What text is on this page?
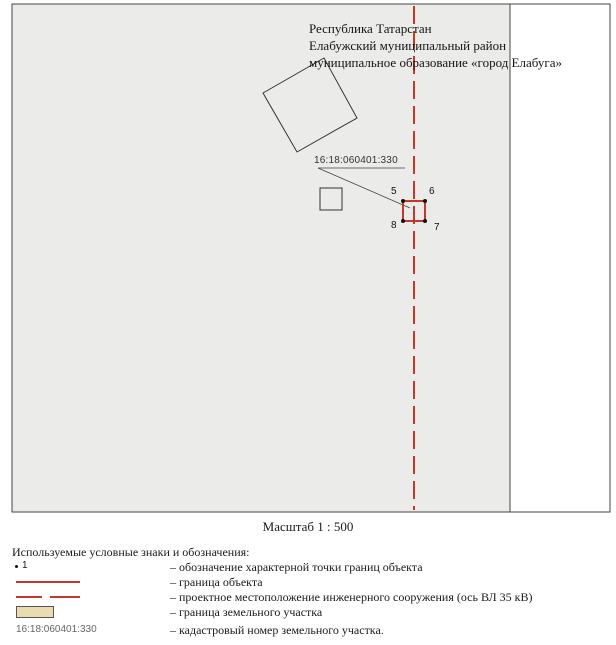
Республика Татарстан
Елабужский муниципальный район
муниципальное образование «город Елабуга»
16:18:060401:330
5	6
7
8
Масштаб 1 : 500
Используемые условные знаки и обозначения:
1	– обозначение характерной точки границ объекта
– граница объекта
– проектное местоположение инженерного сооружения (ось ВЛ 35 кВ)
– граница земельного участка
16:18:060401:330	– кадастровый номер земельного участка.
